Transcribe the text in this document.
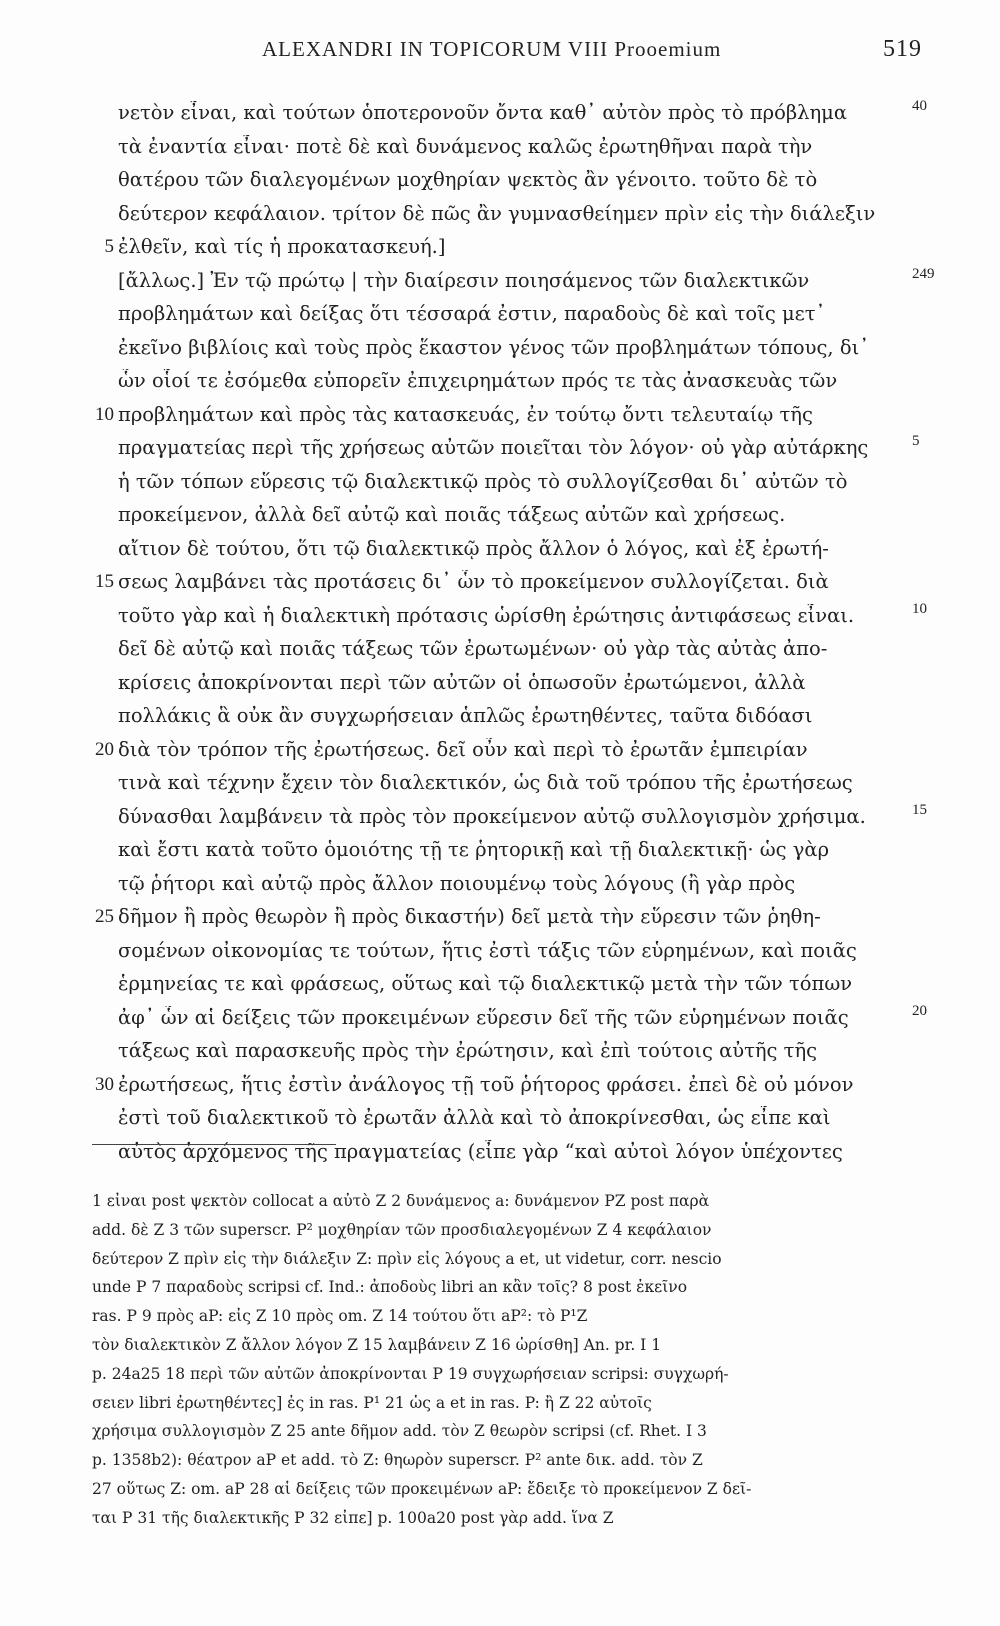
ALEXANDRI IN TOPICORUM VIII Prooemium	519
νετὸν εἶναι, καὶ τούτων ὁποτερονοῦν ὄντα καθ᾽ αὐτὸν πρὸς τὸ πρόβλημα	40
τὰ ἐναντία εἶναι· ποτὲ δὲ καὶ δυνάμενος καλῶς ἐρωτηθῆναι παρὰ τὴν
θατέρου τῶν διαλεγομένων μοχθηρίαν ψεκτὸς ἂν γένοιτο. τοῦτο δὲ τὸ
δεύτερον κεφάλαιον. τρίτον δὲ πῶς ἂν γυμνασθείημεν πρὶν εἰς τὴν διάλεξιν
5 ἐλθεῖν, καὶ τίς ἡ προκατασκευή.]
[ἄλλως.] Ἐν τῷ πρώτῳ | τὴν διαίρεσιν ποιησάμενος τῶν διαλεκτικῶν	249
προβλημάτων καὶ δείξας ὅτι τέσσαρά ἐστιν, παραδοὺς δὲ καὶ τοῖς μετ᾽
ἐκεῖνο βιβλίοις καὶ τοὺς πρὸς ἕκαστον γένος τῶν προβλημάτων τόπους, δι᾽
ὧν οἷοί τε ἐσόμεθα εὐπορεῖν ἐπιχειρημάτων πρός τε τὰς ἀνασκευὰς τῶν
10 προβλημάτων καὶ πρὸς τὰς κατασκευάς, ἐν τούτῳ ὄντι τελευταίῳ τῆς
πραγματείας περὶ τῆς χρήσεως αὐτῶν ποιεῖται τὸν λόγον· οὐ γὰρ αὐτάρκης	5
ἡ τῶν τόπων εὕρεσις τῷ διαλεκτικῷ πρὸς τὸ συλλογίζεσθαι δι᾽ αὐτῶν τὸ
προκείμενον, ἀλλὰ δεῖ αὐτῷ καὶ ποιᾶς τάξεως αὐτῶν καὶ χρήσεως.
αἴτιον δὲ τούτου, ὅτι τῷ διαλεκτικῷ πρὸς ἄλλον ὁ λόγος, καὶ ἐξ ἐρωτή-
15 σεως λαμβάνει τὰς προτάσεις δι᾽ ὧν τὸ προκείμενον συλλογίζεται. διὰ
τοῦτο γὰρ καὶ ἡ διαλεκτικὴ πρότασις ὡρίσθη ἐρώτησις ἀντιφάσεως εἶναι.	10
δεῖ δὲ αὐτῷ καὶ ποιᾶς τάξεως τῶν ἐρωτωμένων· οὐ γὰρ τὰς αὐτὰς ἀπο-
κρίσεις ἀποκρίνονται περὶ τῶν αὐτῶν οἱ ὁπωσοῦν ἐρωτώμενοι, ἀλλὰ
πολλάκις ἃ οὐκ ἂν συγχωρήσειαν ἁπλῶς ἐρωτηθέντες, ταῦτα διδόασι
20 διὰ τὸν τρόπον τῆς ἐρωτήσεως. δεῖ οὖν καὶ περὶ τὸ ἐρωτᾶν ἐμπειρίαν
τινὰ καὶ τέχνην ἔχειν τὸν διαλεκτικόν, ὡς διὰ τοῦ τρόπου τῆς ἐρωτήσεως
δύνασθαι λαμβάνειν τὰ πρὸς τὸν προκείμενον αὐτῷ συλλογισμὸν χρήσιμα.	15
καὶ ἔστι κατὰ τοῦτο ὁμοιότης τῇ τε ῥητορικῇ καὶ τῇ διαλεκτικῇ· ὡς γὰρ
τῷ ῥήτορι καὶ αὐτῷ πρὸς ἄλλον ποιουμένῳ τοὺς λόγους (ἢ γὰρ πρὸς
25 δῆμον ἢ πρὸς θεωρὸν ἢ πρὸς δικαστήν) δεῖ μετὰ τὴν εὕρεσιν τῶν ῥηθη-
σομένων οἰκονομίας τε τούτων, ἥτις ἐστὶ τάξις τῶν εὑρημένων, καὶ ποιᾶς
ἑρμηνείας τε καὶ φράσεως, οὕτως καὶ τῷ διαλεκτικῷ μετὰ τὴν τῶν τόπων
ἀφ᾽ ὧν αἱ δείξεις τῶν προκειμένων εὕρεσιν δεῖ τῆς τῶν εὑρημένων ποιᾶς	20
τάξεως καὶ παρασκευῆς πρὸς τὴν ἐρώτησιν, καὶ ἐπὶ τούτοις αὐτῆς τῆς
30 ἐρωτήσεως, ἥτις ἐστὶν ἀνάλογος τῇ τοῦ ῥήτορος φράσει. ἐπεὶ δὲ οὐ μόνον
ἐστὶ τοῦ διαλεκτικοῦ τὸ ἐρωτᾶν ἀλλὰ καὶ τὸ ἀποκρίνεσθαι, ὡς εἶπε καὶ
αὐτὸς ἀρχόμενος τῆς πραγματείας (εἶπε γὰρ “καὶ αὐτοὶ λόγον ὑπέχοντες
1 εἶναι post ψεκτὸν collocat a αὐτὸ Z 2 δυνάμενος a: δυνάμενον PZ post παρὰ
add. δὲ Z 3 τῶν superscr. P² μοχθηρίαν τῶν προσδιαλεγομένων Z 4 κεφάλαιον
δεύτερον Z πρὶν εἰς τὴν διάλεξιν Z: πρὶν εἰς λόγους a et, ut videtur, corr. nescio
unde P 7 παραδοὺς scripsi cf. Ind.: ἀποδοὺς libri an κἂν τοῖς? 8 post ἐκεῖνο
ras. P 9 πρὸς aP: εἰς Z 10 πρὸς om. Z 14 τούτου ὅτι aP²: τὸ P¹Z
τὸν διαλεκτικὸν Z ἄλλον λόγον Z 15 λαμβάνειν Z 16 ὡρίσθη] An. pr. I 1
p. 24a25 18 περὶ τῶν αὐτῶν ἀποκρίνονται P 19 συγχωρήσειαν scripsi: συγχωρή-
σειεν libri ἐρωτηθέντες] ἐς in ras. P¹ 21 ὡς a et in ras. P: ἢ Z 22 αὐτοῖς
χρήσιμα συλλογισμὸν Z 25 ante δῆμον add. τὸν Z θεωρὸν scripsi (cf. Rhet. I 3
p. 1358b2): θέατρον aP et add. τὸ Z: θηωρὸν superscr. P² ante δικ. add. τὸν Z
27 οὕτως Z: om. aP 28 αἱ δείξεις τῶν προκειμένων aP: ἔδειξε τὸ προκείμενον Z δεῖ-
ται P 31 τῆς διαλεκτικῆς P 32 εἶπε] p. 100a20 post γὰρ add. ἵνα Z
